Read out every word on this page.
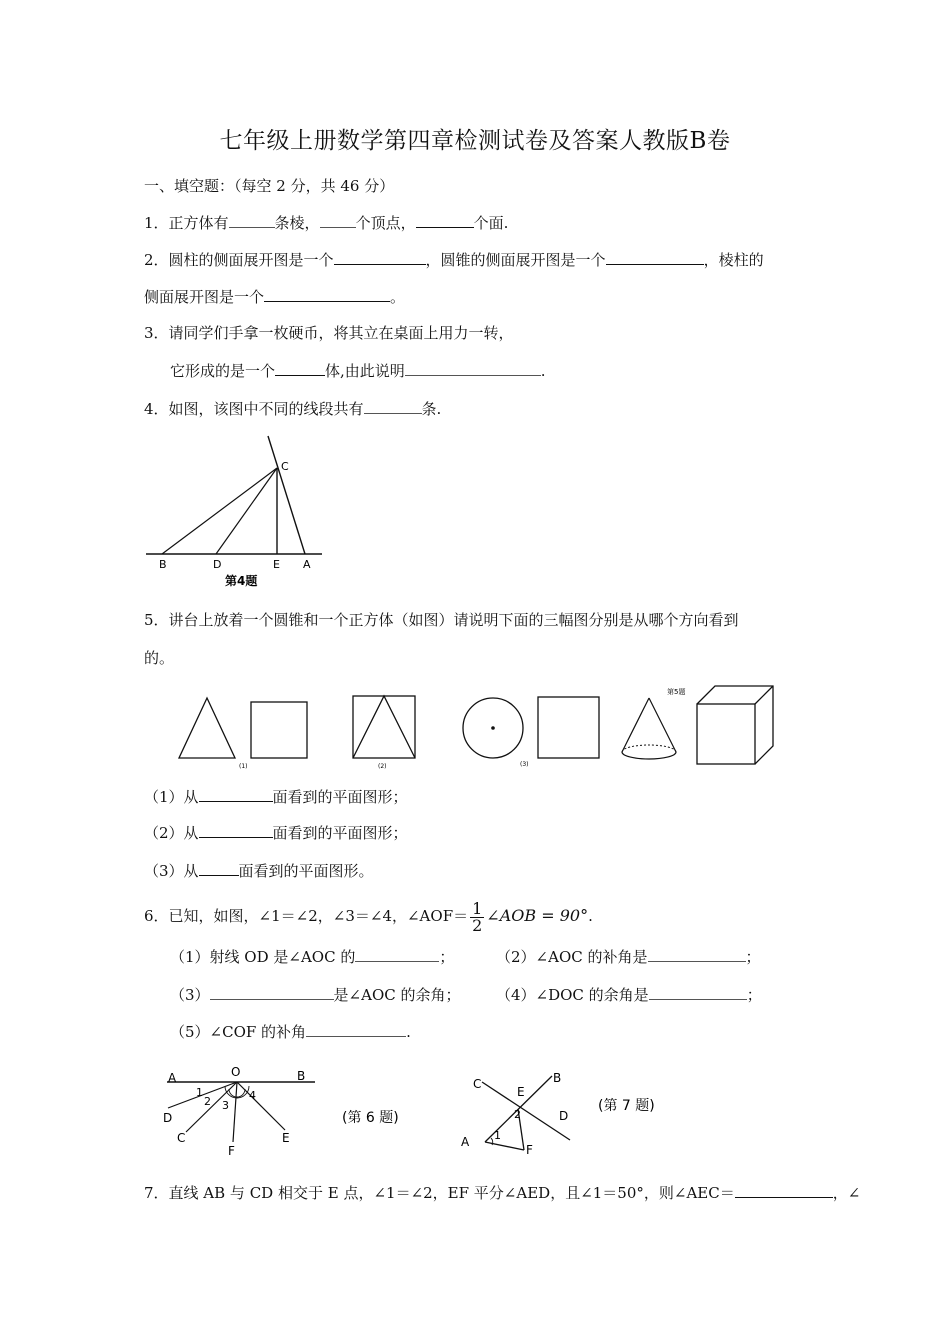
七年级上册数学第四章检测试卷及答案人教版B卷
一、填空题：（每空 2 分，共 46 分）
1．正方体有	条棱， 个顶点，	个面.
2．圆柱的侧面展开图是一个	，圆锥的侧面展开图是一个	，棱柱的
侧面展开图是一个	。
3．请同学们手拿一枚硬币，将其立在桌面上用力一转，
它形成的是一个	体,由此说明	.
4．如图，该图中不同的线段共有	条.
C
B	D	E A
第4题
5．讲台上放着一个圆锥和一个正方体（如图）请说明下面的三幅图分别是从哪个方向看到
的。
(1)	(2)	(3)
第5题
（1）从	面看到的平面图形；
（2）从	面看到的平面图形；
（3）从	面看到的平面图形。
6．已知，如图，∠1＝∠2，∠3＝∠4，∠AOF＝ $\frac{1}{2}$ ∠AOB = 90°.
（1）射线 OD 是∠AOC 的	；	（2）∠AOC 的补角是	；
（3）	是∠AOC 的余角； （4）∠DOC 的余角是	；
（5）∠COF 的补角	.
A	O	B
D
C
F
E
1
2 3
4
(第 6 题)
C
E
B
D
A
F
1
2
(第 7 题)
7．直线 AB 与 CD 相交于 E 点，∠1＝∠2，EF 平分∠AED，且∠1＝50°，则∠AEC＝	，∠
